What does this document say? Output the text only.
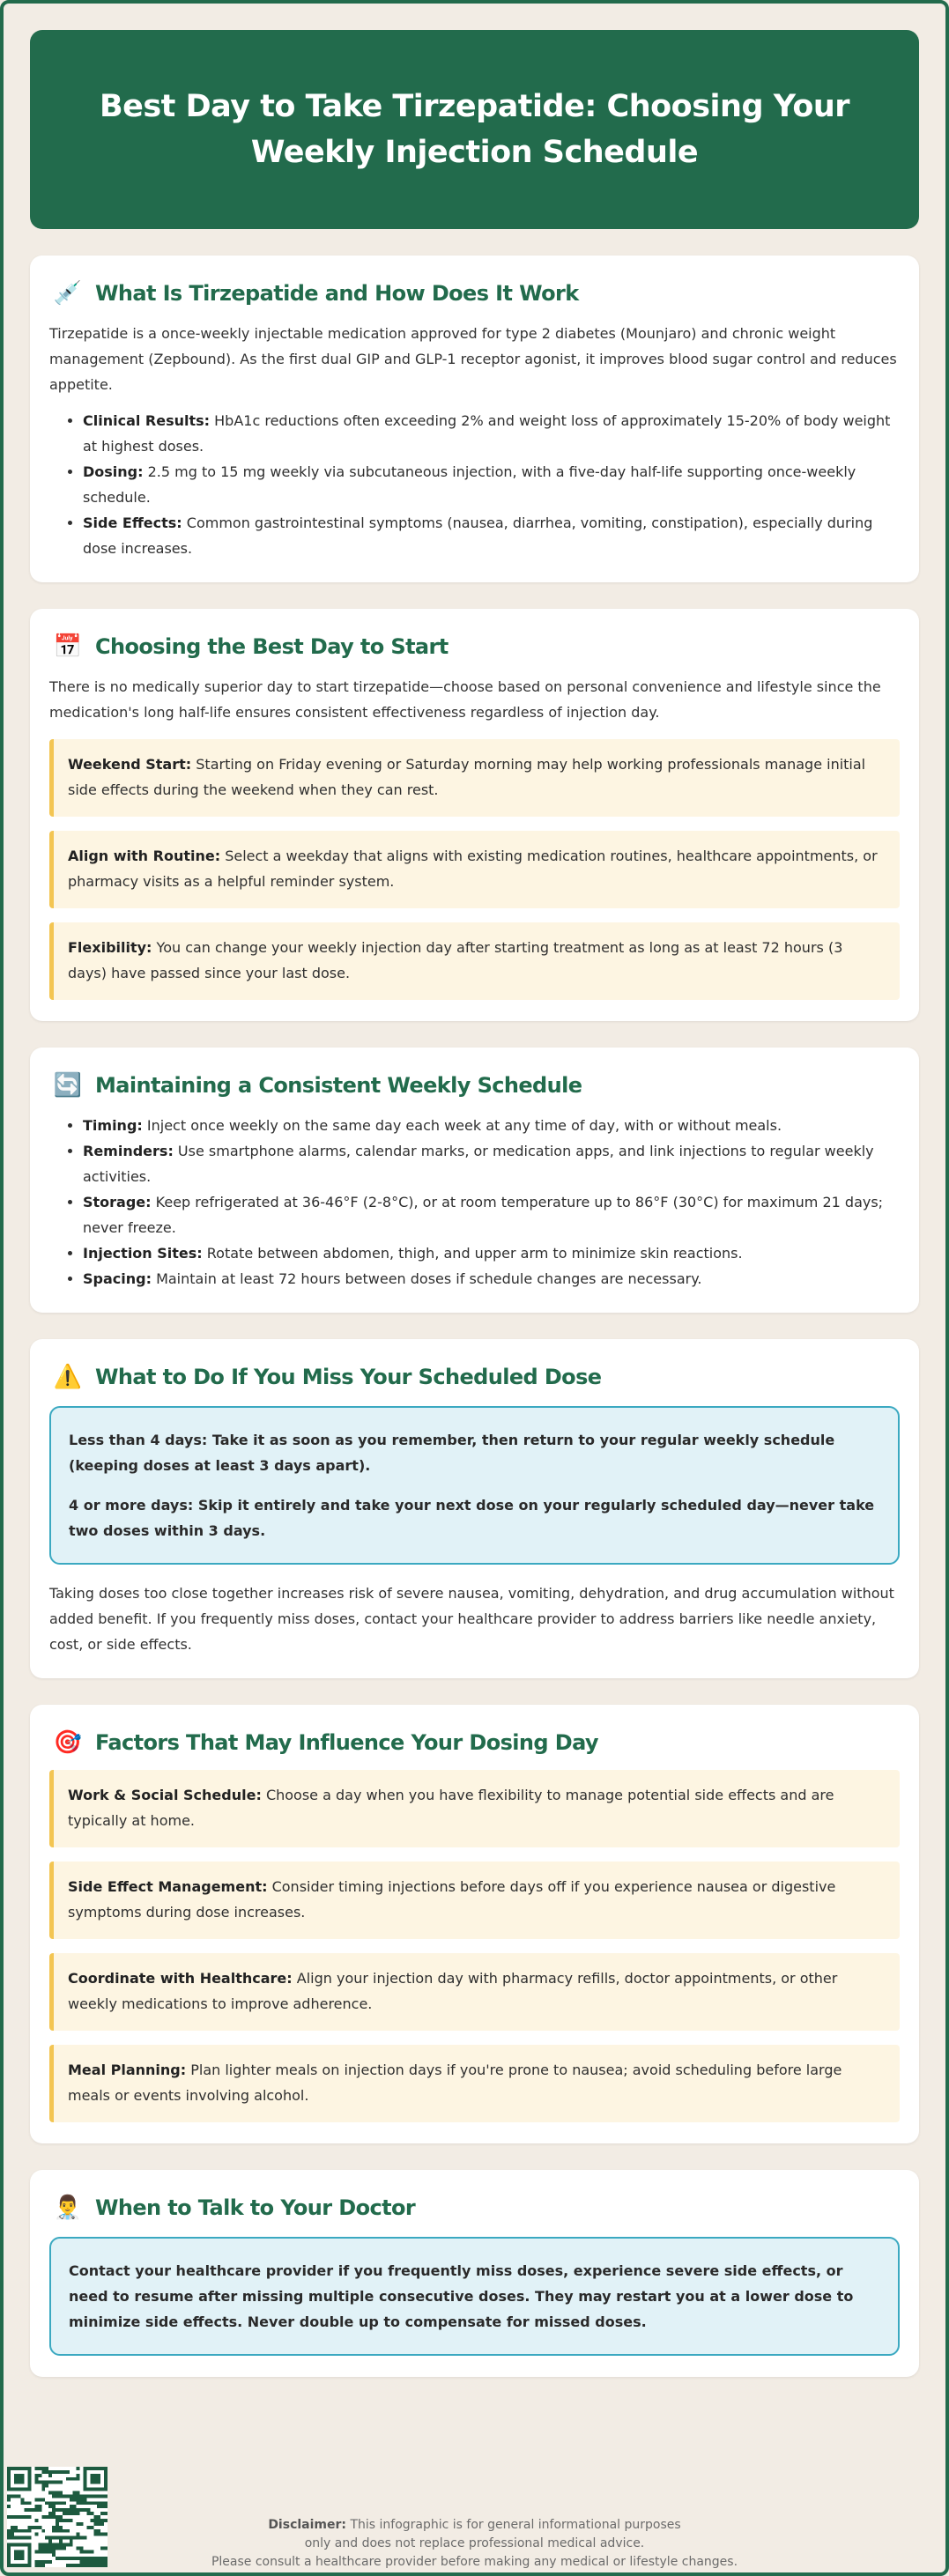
Best Day to Take Tirzepatide: Choosing Your Weekly Injection Schedule
💉 What Is Tirzepatide and How Does It Work

Tirzepatide is a once-weekly injectable medication approved for type 2 diabetes (Mounjaro) and chronic weight management (Zepbound). As the first dual GIP and GLP-1 receptor agonist, it improves blood sugar control and reduces appetite.

• Clinical Results: HbA1c reductions often exceeding 2% and weight loss of approximately 15-20% of body weight at highest doses.
• Dosing: 2.5 mg to 15 mg weekly via subcutaneous injection, with a five-day half-life supporting once-weekly schedule.
• Side Effects: Common gastrointestinal symptoms (nausea, diarrhea, vomiting, constipation), especially during dose increases.
📅 Choosing the Best Day to Start

There is no medically superior day to start tirzepatide—choose based on personal convenience and lifestyle since the medication's long half-life ensures consistent effectiveness regardless of injection day.

Weekend Start: Starting on Friday evening or Saturday morning may help working professionals manage initial side effects during the weekend when they can rest.
Align with Routine: Select a weekday that aligns with existing medication routines, healthcare appointments, or pharmacy visits as a helpful reminder system.
Flexibility: You can change your weekly injection day after starting treatment as long as at least 72 hours (3 days) have passed since your last dose.
🔄 Maintaining a Consistent Weekly Schedule
• Timing: Inject once weekly on the same day each week at any time of day, with or without meals.
• Reminders: Use smartphone alarms, calendar marks, or medication apps, and link injections to regular weekly activities.
• Storage: Keep refrigerated at 36-46°F (2-8°C), or at room temperature up to 86°F (30°C) for maximum 21 days; never freeze.
• Injection Sites: Rotate between abdomen, thigh, and upper arm to minimize skin reactions.
• Spacing: Maintain at least 72 hours between doses if schedule changes are necessary.
⚠️ What to Do If You Miss Your Scheduled Dose

Less than 4 days: Take it as soon as you remember, then return to your regular weekly schedule (keeping doses at least 3 days apart).

4 or more days: Skip it entirely and take your next dose on your regularly scheduled day—never take two doses within 3 days.

Taking doses too close together increases risk of severe nausea, vomiting, dehydration, and drug accumulation without added benefit. If you frequently miss doses, contact your healthcare provider to address barriers like needle anxiety, cost, or side effects.

🎯 Factors That May Influence Your Dosing Day
Work & Social Schedule: Choose a day when you have flexibility to manage potential side effects and are typically at home.
Side Effect Management: Consider timing injections before days off if you experience nausea or digestive symptoms during dose increases.
Coordinate with Healthcare: Align your injection day with pharmacy refills, doctor appointments, or other weekly medications to improve adherence.
Meal Planning: Plan lighter meals on injection days if you're prone to nausea; avoid scheduling before large meals or events involving alcohol.
👨‍⚕️ When to Talk to Your Doctor

Contact your healthcare provider if you frequently miss doses, experience severe side effects, or need to resume after missing multiple consecutive doses. They may restart you at a lower dose to minimize side effects. Never double up to compensate for missed doses.

Disclaimer: This infographic is for general informational purposes
only and does not replace professional medical advice.
Please consult a healthcare provider before making any medical or lifestyle changes.
